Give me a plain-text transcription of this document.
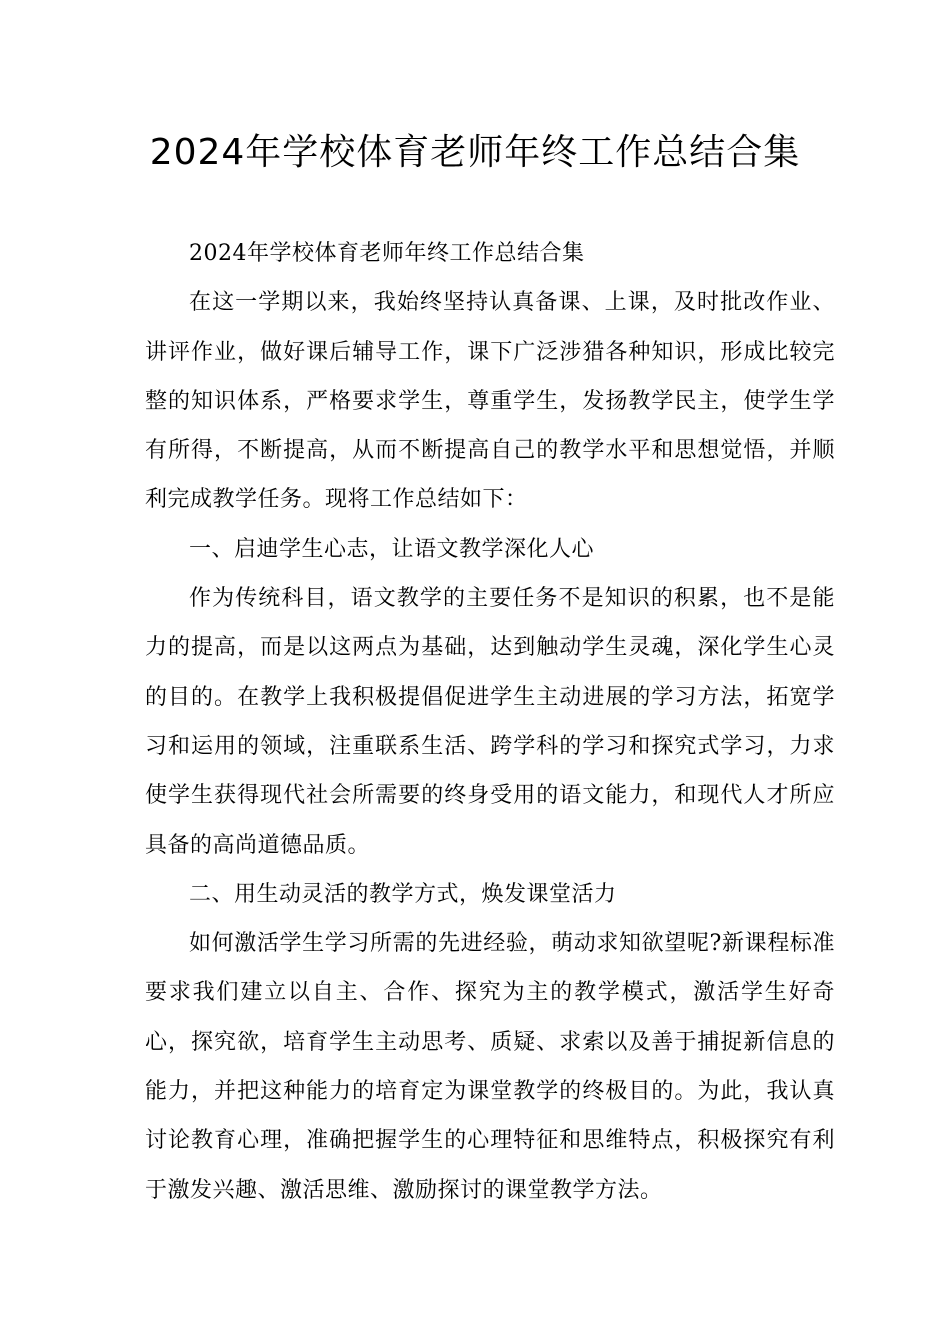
2024年学校体育老师年终工作总结合集

2024年学校体育老师年终工作总结合集

在这一学期以来，我始终坚持认真备课、上课，及时批改作业、讲评作业，做好课后辅导工作，课下广泛涉猎各种知识，形成比较完整的知识体系，严格要求学生，尊重学生，发扬教学民主，使学生学有所得，不断提高，从而不断提高自己的教学水平和思想觉悟，并顺利完成教学任务。现将工作总结如下：

一、启迪学生心志，让语文教学深化人心

作为传统科目，语文教学的主要任务不是知识的积累，也不是能力的提高，而是以这两点为基础，达到触动学生灵魂，深化学生心灵的目的。在教学上我积极提倡促进学生主动进展的学习方法，拓宽学习和运用的领域，注重联系生活、跨学科的学习和探究式学习，力求使学生获得现代社会所需要的终身受用的语文能力，和现代人才所应具备的高尚道德品质。

二、用生动灵活的教学方式，焕发课堂活力

如何激活学生学习所需的先进经验，萌动求知欲望呢?新课程标准要求我们建立以自主、合作、探究为主的教学模式，激活学生好奇心，探究欲，培育学生主动思考、质疑、求索以及善于捕捉新信息的能力，并把这种能力的培育定为课堂教学的终极目的。为此，我认真讨论教育心理，准确把握学生的心理特征和思维特点，积极探究有利于激发兴趣、激活思维、激励探讨的课堂教学方法。
